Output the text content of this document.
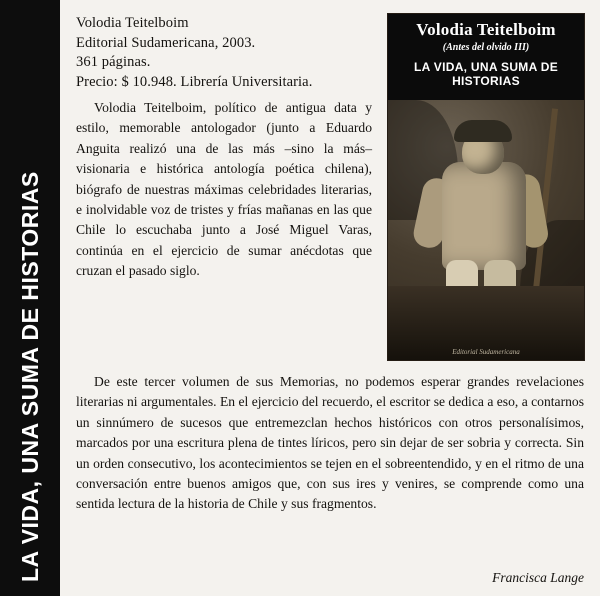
LA VIDA, UNA SUMA DE HISTORIAS
Volodia Teitelboim
(Antes del olvido III)
LA VIDA, UNA SUMA DE HISTORIAS
Editorial Sudamericana
Volodia Teitelboim
Editorial Sudamericana, 2003.
361 páginas.
Precio: $ 10.948. Librería Universitaria.
Volodia Teitelboim, político de antigua data y estilo, memorable antologador (junto a Eduardo Anguita realizó una de las más –sino la más– visionaria e histórica antología poética chilena), biógrafo de nuestras máximas celebridades literarias, e inolvidable voz de tristes y frías mañanas en las que Chile lo escuchaba junto a José Miguel Varas, continúa en el ejercicio de sumar anécdotas que cruzan el pasado siglo.
De este tercer volumen de sus Memorias, no podemos esperar grandes revelaciones literarias ni argumentales. En el ejercicio del recuerdo, el escritor se dedica a eso, a contarnos un sinnúmero de sucesos que entremezclan hechos históricos con otros personalísimos, marcados por una escritura plena de tintes líricos, pero sin dejar de ser sobria y correcta. Sin un orden consecutivo, los acontecimientos se tejen en el sobreentendido, y en el ritmo de una conversación entre buenos amigos que, con sus ires y venires, se comprende como una sentida lectura de la historia de Chile y sus fragmentos.
Francisca Lange
